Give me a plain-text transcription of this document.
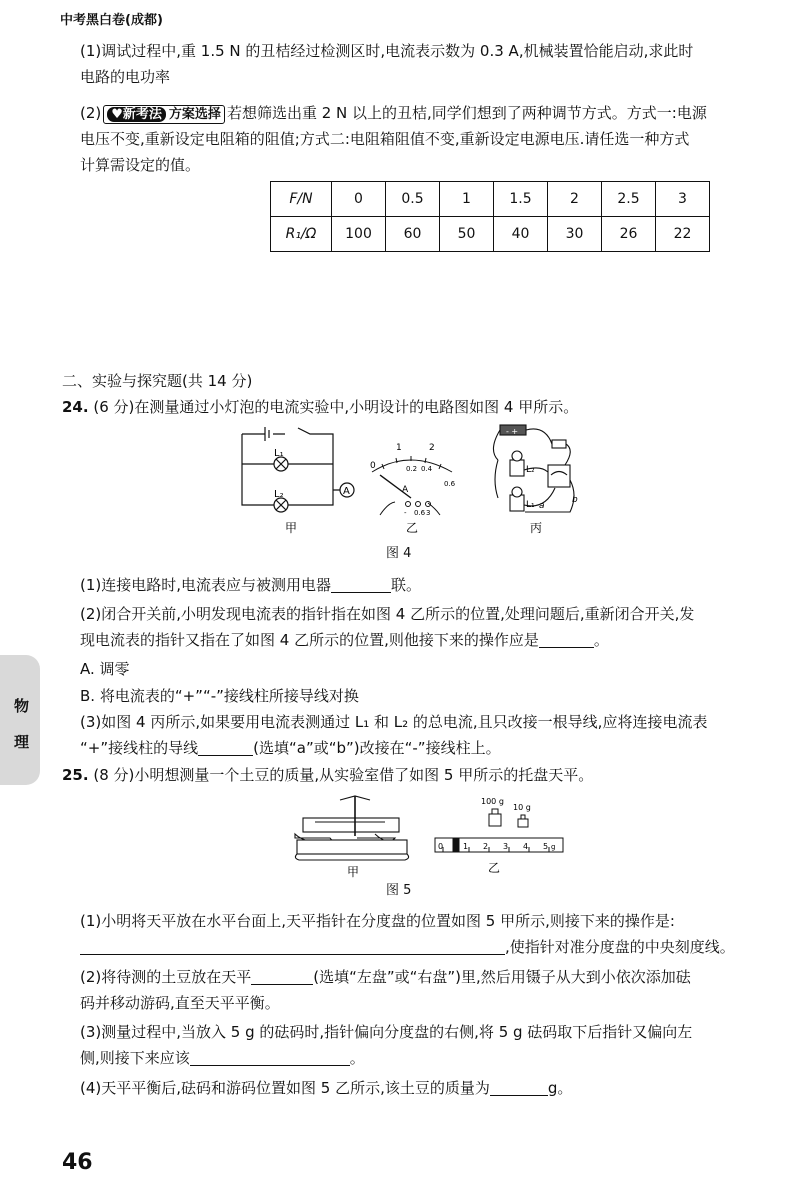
中考黑白卷(成都)
(1)调试过程中,重 1.5 N 的丑桔经过检测区时,电流表示数为 0.3 A,机械装置恰能启动,求此时
电路的电功率
(2) ♥新考法 方案选择 若想筛选出重 2 N 以上的丑桔,同学们想到了两种调节方式。方式一:电源
电压不变,重新设定电阻箱的阻值;方式二:电阻箱阻值不变,重新设定电源电压.请任选一种方式
计算需设定的值。
F/N	0	0.5	1	1.5	2	2.5	3
R₁/Ω	100	60	50	40	30	26	22
二、实验与探究题(共 14 分)
24. (6 分)在测量通过小灯泡的电流实验中,小明设计的电路图如图 4 甲所示。
L₁
L₂	A
甲
0
1	2
0.2 0.4
0.6
A
- 0.6 3
乙
- +
L₂
L₁ a
b
丙
图 4
(1)连接电路时,电流表应与被测用电器	联。
(2)闭合开关前,小明发现电流表的指针指在如图 4 乙所示的位置,处理问题后,重新闭合开关,发
现电流表的指针又指在了如图 4 乙所示的位置,则他接下来的操作应是	。
A. 调零
B. 将电流表的“+”“-”接线柱所接导线对换
(3)如图 4 丙所示,如果要用电流表测通过 L₁ 和 L₂ 的总电流,且只改接一根导线,应将连接电流表
“+”接线柱的导线	(选填“a”或“b”)改接在“-”接线柱上。
物
理
25. (8 分)小明想测量一个土豆的质量,从实验室借了如图 5 甲所示的托盘天平。
甲
100 g
10 g
0 1 2 3 4 5 g
乙
图 5
(1)小明将天平放在水平台面上,天平指针在分度盘的位置如图 5 甲所示,则接下来的操作是:
,使指针对准分度盘的中央刻度线。
(2)将待测的土豆放在天平	(选填“左盘”或“右盘”)里,然后用镊子从大到小依次添加砝
码并移动游码,直至天平平衡。
(3)测量过程中,当放入 5 g 的砝码时,指针偏向分度盘的右侧,将 5 g 砝码取下后指针又偏向左
侧,则接下来应该	。
(4)天平平衡后,砝码和游码位置如图 5 乙所示,该土豆的质量为	g。
46
